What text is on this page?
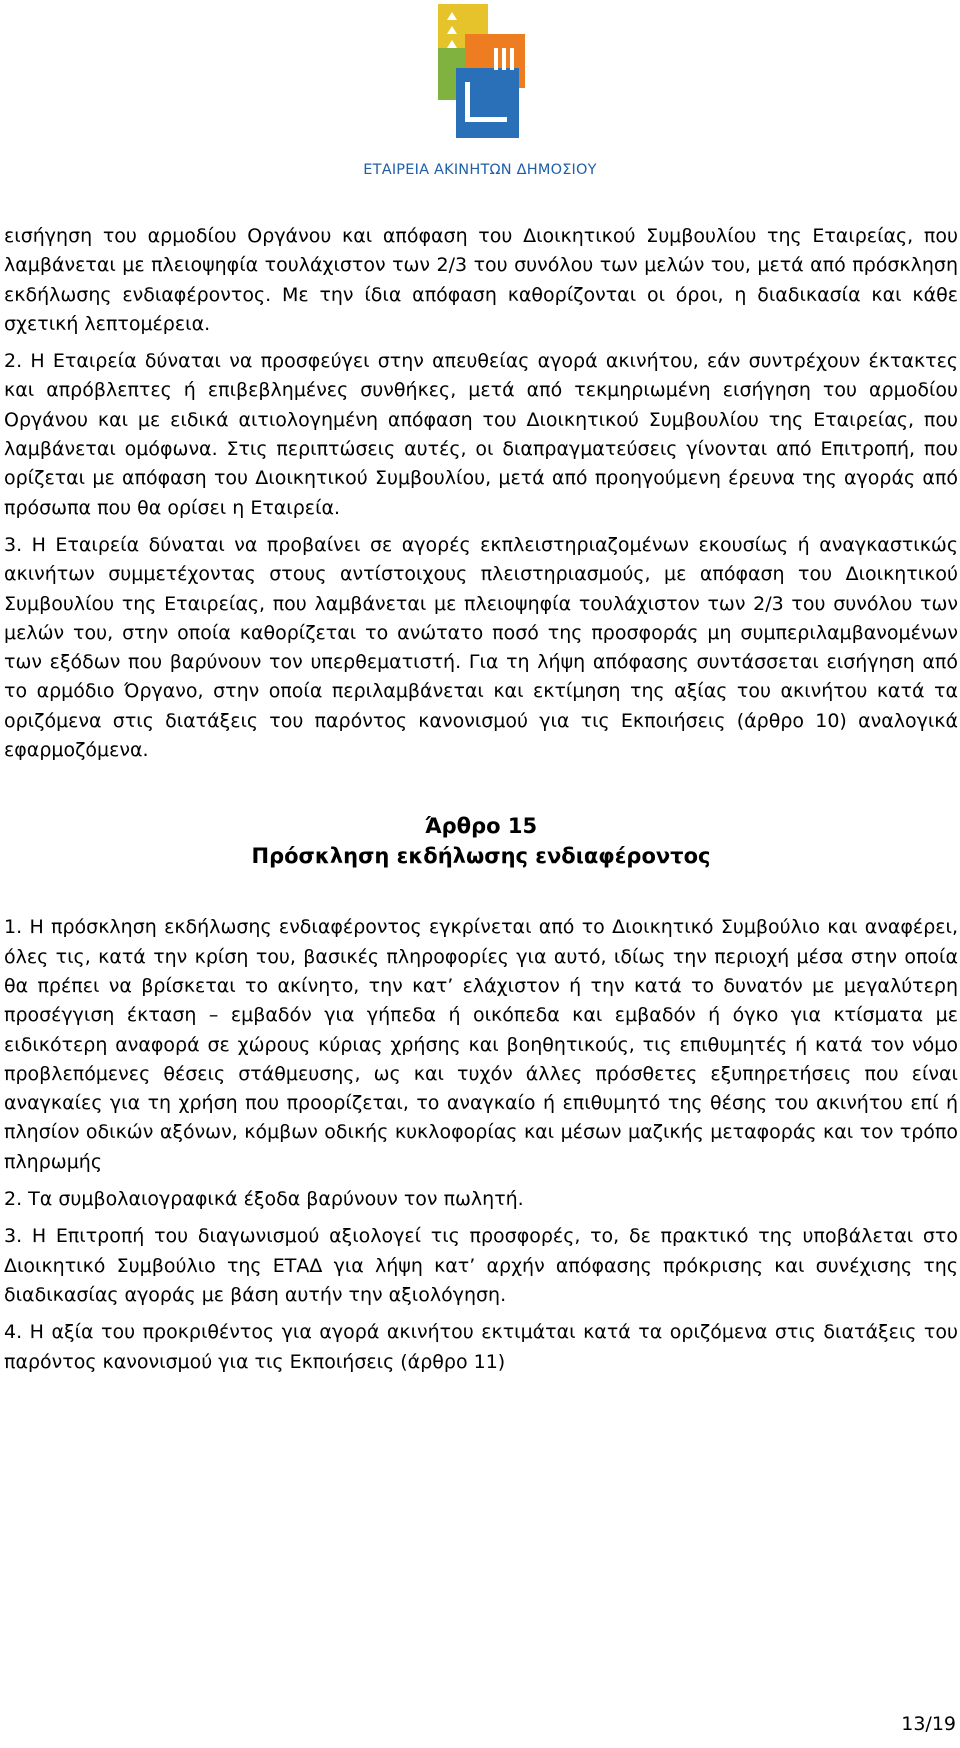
ΕΤΑΙΡΕΙΑ ΑΚΙΝΗΤΩΝ ΔΗΜΟΣΙΟΥ

εισήγηση του αρμοδίου Οργάνου και απόφαση του Διοικητικού Συμβουλίου της Εταιρείας, που λαμβάνεται με πλειοψηφία τουλάχιστον των 2/3 του συνόλου των μελών του, μετά από πρόσκληση εκδήλωσης ενδιαφέροντος. Με την ίδια απόφαση καθορίζονται οι όροι, η διαδικασία και κάθε σχετική λεπτομέρεια.

2. Η Εταιρεία δύναται να προσφεύγει στην απευθείας αγορά ακινήτου, εάν συντρέχουν έκτακτες και απρόβλεπτες ή επιβεβλημένες συνθήκες, μετά από τεκμηριωμένη εισήγηση του αρμοδίου Οργάνου και με ειδικά αιτιολογημένη απόφαση του Διοικητικού Συμβουλίου της Εταιρείας, που λαμβάνεται ομόφωνα. Στις περιπτώσεις αυτές, οι διαπραγματεύσεις γίνονται από Επιτροπή, που ορίζεται με απόφαση του Διοικητικού Συμβουλίου, μετά από προηγούμενη έρευνα της αγοράς από πρόσωπα που θα ορίσει η Εταιρεία.

3. Η Εταιρεία δύναται να προβαίνει σε αγορές εκπλειστηριαζομένων εκουσίως ή αναγκαστικώς ακινήτων συμμετέχοντας στους αντίστοιχους πλειστηριασμούς, με απόφαση του Διοικητικού Συμβουλίου της Εταιρείας, που λαμβάνεται με πλειοψηφία τουλάχιστον των 2/3 του συνόλου των μελών του, στην οποία καθορίζεται το ανώτατο ποσό της προσφοράς μη συμπεριλαμβανομένων των εξόδων που βαρύνουν τον υπερθεματιστή. Για τη λήψη απόφασης συντάσσεται εισήγηση από το αρμόδιο Όργανο, στην οποία περιλαμβάνεται και εκτίμηση της αξίας του ακινήτου κατά τα οριζόμενα στις διατάξεις του παρόντος κανονισμού για τις Εκποιήσεις (άρθρο 10) αναλογικά εφαρμοζόμενα.

Άρθρο 15
Πρόσκληση εκδήλωσης ενδιαφέροντος

1. Η πρόσκληση εκδήλωσης ενδιαφέροντος εγκρίνεται από το Διοικητικό Συμβούλιο και αναφέρει, όλες τις, κατά την κρίση του, βασικές πληροφορίες για αυτό, ιδίως την περιοχή μέσα στην οποία θα πρέπει να βρίσκεται το ακίνητο, την κατ’ ελάχιστον ή την κατά το δυνατόν με μεγαλύτερη προσέγγιση έκταση – εμβαδόν για γήπεδα ή οικόπεδα και εμβαδόν ή όγκο για κτίσματα με ειδικότερη αναφορά σε χώρους κύριας χρήσης και βοηθητικούς, τις επιθυμητές ή κατά τον νόμο προβλεπόμενες θέσεις στάθμευσης, ως και τυχόν άλλες πρόσθετες εξυπηρετήσεις που είναι αναγκαίες για τη χρήση που προορίζεται, το αναγκαίο ή επιθυμητό της θέσης του ακινήτου επί ή πλησίον οδικών αξόνων, κόμβων οδικής κυκλοφορίας και μέσων μαζικής μεταφοράς και τον τρόπο πληρωμής

2. Τα συμβολαιογραφικά έξοδα βαρύνουν τον πωλητή.

3. Η Επιτροπή του διαγωνισμού αξιολογεί τις προσφορές, το, δε πρακτικό της υποβάλεται στο Διοικητικό Συμβούλιο της ΕΤΑΔ για λήψη κατ’ αρχήν απόφασης πρόκρισης και συνέχισης της διαδικασίας αγοράς με βάση αυτήν την αξιολόγηση.

4. Η αξία του προκριθέντος για αγορά ακινήτου εκτιμάται κατά τα οριζόμενα στις διατάξεις του παρόντος κανονισμού για τις Εκποιήσεις (άρθρο 11)

13/19
